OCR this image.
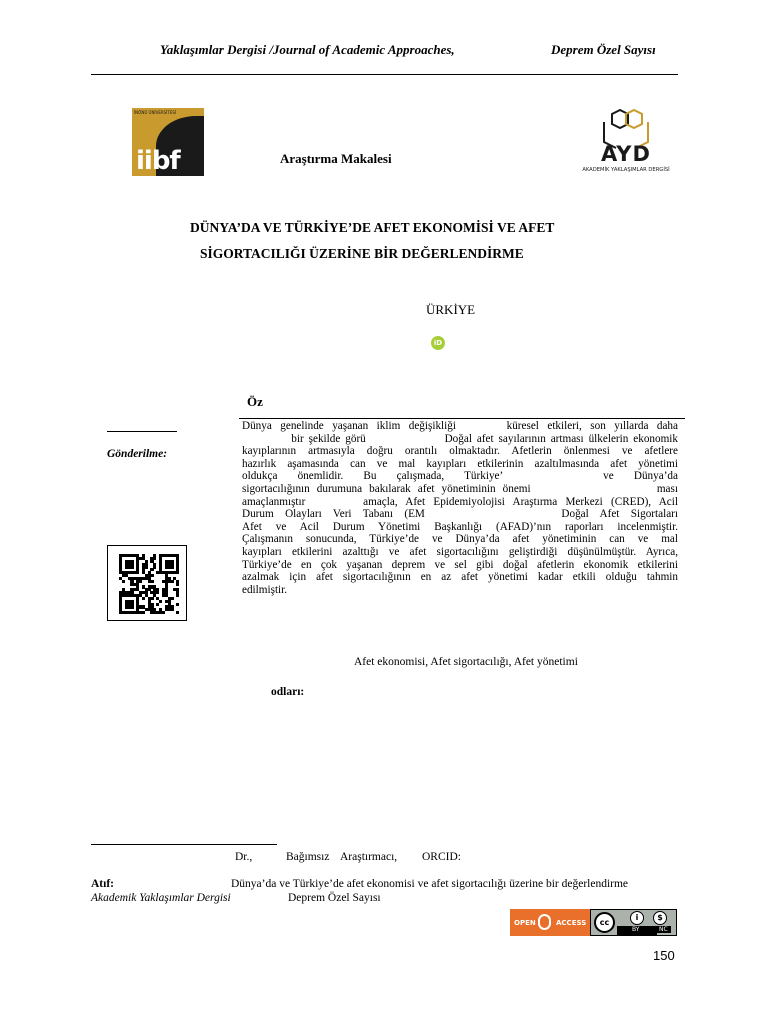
Yaklaşımlar Dergisi /Journal of Academic Approaches,	Deprem Özel Sayısı
İNÖNÜ ÜNİVERSİTESİ
iibf	Araştırma Makalesi	AYD
AKADEMİK YAKLAŞIMLAR DERGİSİ
DÜNYA’DA VE TÜRKİYE’DE AFET EKONOMİSİ VE AFET
SİGORTACILIĞI ÜZERİNE BİR DEĞERLENDİRME
ÜRKİYE
iD
Öz
Gönderilme:

Dünya genelinde yaşanan iklim değişikliği      küresel etkileri, son yıllarda daha

bir şekilde görü                Doğal afet sayılarının artması ülkelerin ekonomik

kayıplarının artmasıyla doğru orantılı olmaktadır. Afetlerin önlenmesi ve afetlere

hazırlık aşamasında can ve mal kayıpları etkilerinin azaltılmasında afet yönetimi

oldukça önemlidir. Bu çalışmada, Türkiye’     ve Dünya’da

sigortacılığının durumuna bakılarak afet yönetiminin önemi                  ması

amaçlanmıştır       amaçla, Afet Epidemiyolojisi Araştırma Merkezi (CRED), Acil

Durum Olayları Veri Tabanı (EM            Doğal Afet Sigortaları

Afet ve Acil Durum Yönetimi Başkanlığı (AFAD)’nın raporları incelenmiştir.

Çalışmanın sonucunda, Türkiye’de ve Dünya’da afet yönetiminin can ve mal

kayıpları etkilerini azalttığı ve afet sigortacılığını geliştirdiği düşünülmüştür. Ayrıca,

Türkiye’de en çok yaşanan deprem ve sel gibi doğal afetlerin ekonomik etkilerini

azalmak için afet sigortacılığının en az afet yönetimi kadar etkili olduğu tahmin

edilmiştir.

Afet ekonomisi, Afet sigortacılığı, Afet yönetimi
odları:
Dr.,	Bağımsız Araştırmacı, ORCID:
Atıf:	Dünya’da ve Türkiye’de afet ekonomisi ve afet sigortacılığı üzerine bir değerlendirme
Akademik Yaklaşımlar Dergisi	Deprem Özel Sayısı
OPEN	ACCESS	cc
i	$
BY	NC
150
